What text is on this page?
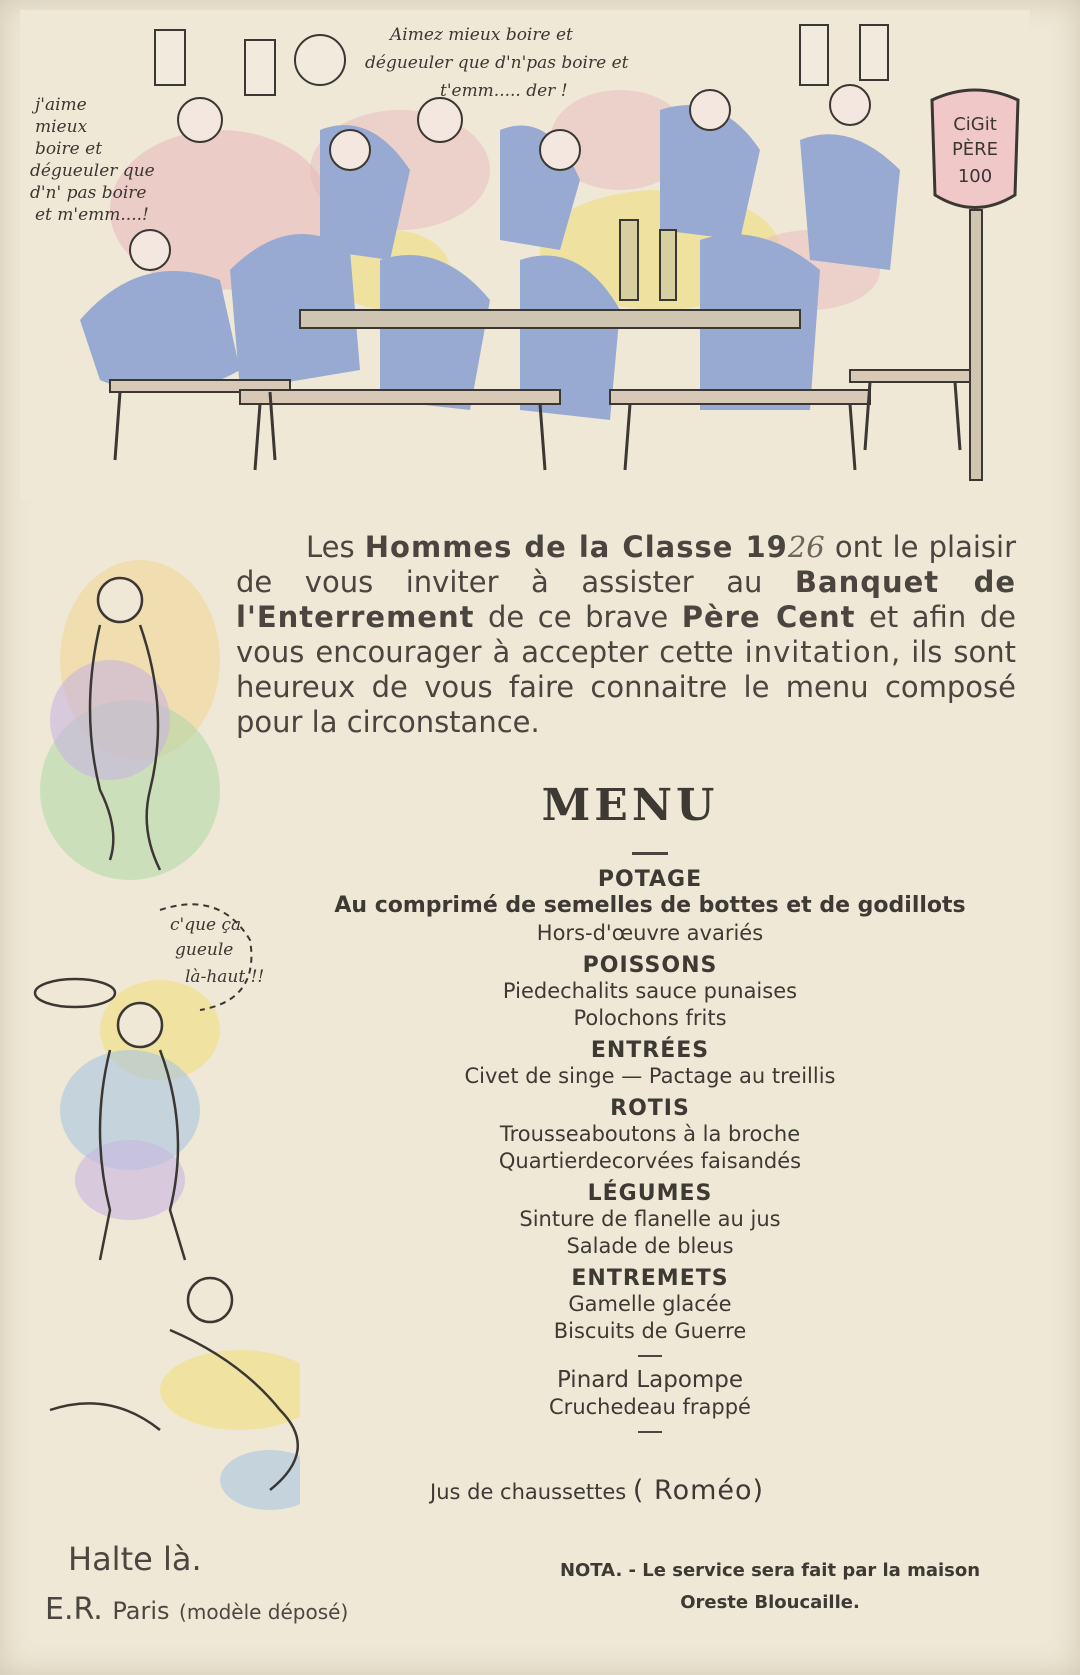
CiGit
PÈRE
100
Aimez mieux boire et
dégueuler que d'n'pas boire et
t'emm..... der !
j'aime
mieux
boire et
dégueuler que
d'n' pas boire
et m'emm....!
c'que ça
gueule
là-haut !!
Les Hommes de la Classe 1926 ont le plaisir de vous inviter à assister au Banquet de l'Enterrement de ce brave Père Cent et afin de vous encourager à accepter cette invitation, ils sont heureux de vous faire connaitre le menu composé pour la circonstance.
MENU
POTAGE
Au comprimé de semelles de bottes et de godillots
Hors-d'œuvre avariés
POISSONS
Piedechalits sauce punaises
Polochons frits
ENTRÉES
Civet de singe — Pactage au treillis
ROTIS
Trousseaboutons à la broche
Quartierdecorvées faisandés
LÉGUMES
Sinture de flanelle au jus
Salade de bleus
ENTREMETS
Gamelle glacée
Biscuits de Guerre
Pinard Lapompe
Cruchedeau frappé
Jus de chaussettes ( Roméo)
NOTA. - Le service sera fait par la maison
Oreste Bloucaille.
Halte là.
E.R. Paris (modèle déposé)
